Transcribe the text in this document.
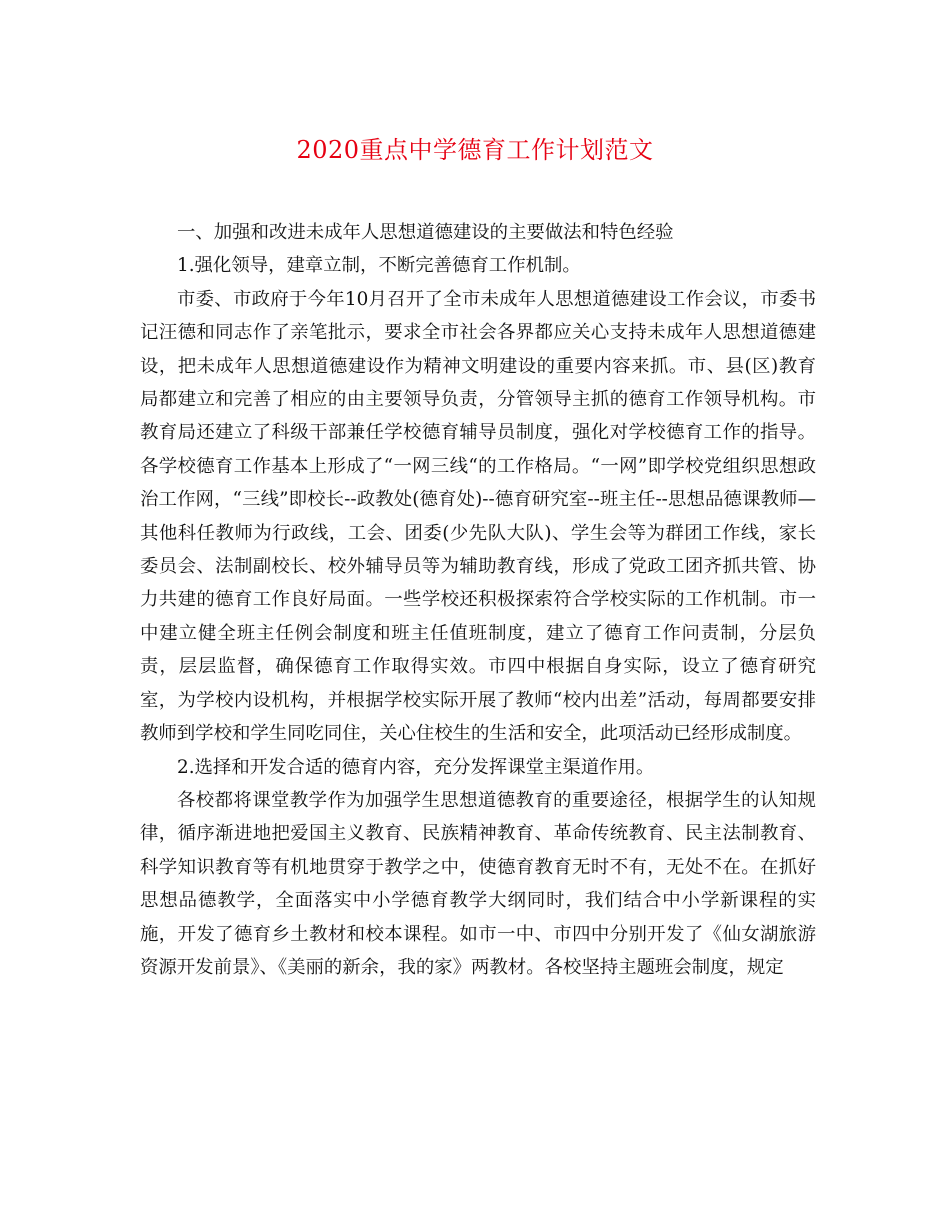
2020重点中学德育工作计划范文

一、加强和改进未成年人思想道德建设的主要做法和特色经验

1.强化领导，建章立制，不断完善德育工作机制。

市委、市政府于今年10月召开了全市未成年人思想道德建设工作会议，市委书记汪德和同志作了亲笔批示，要求全市社会各界都应关心支持未成年人思想道德建设，把未成年人思想道德建设作为精神文明建设的重要内容来抓。市、县(区)教育局都建立和完善了相应的由主要领导负责，分管领导主抓的德育工作领导机构。市教育局还建立了科级干部兼任学校德育辅导员制度，强化对学校德育工作的指导。各学校德育工作基本上形成了“一网三线“的工作格局。“一网”即学校党组织思想政治工作网，“三线”即校长--政教处(德育处)--德育研究室--班主任--思想品德课教师—其他科任教师为行政线，工会、团委(少先队大队)、学生会等为群团工作线，家长委员会、法制副校长、校外辅导员等为辅助教育线，形成了党政工团齐抓共管、协力共建的德育工作良好局面。一些学校还积极探索符合学校实际的工作机制。市一中建立健全班主任例会制度和班主任值班制度，建立了德育工作问责制，分层负责，层层监督，确保德育工作取得实效。市四中根据自身实际，设立了德育研究室，为学校内设机构，并根据学校实际开展了教师“校内出差”活动，每周都要安排教师到学校和学生同吃同住，关心住校生的生活和安全，此项活动已经形成制度。

2.选择和开发合适的德育内容，充分发挥课堂主渠道作用。

各校都将课堂教学作为加强学生思想道德教育的重要途径，根据学生的认知规律，循序渐进地把爱国主义教育、民族精神教育、革命传统教育、民主法制教育、科学知识教育等有机地贯穿于教学之中，使德育教育无时不有，无处不在。在抓好思想品德教学，全面落实中小学德育教学大纲同时，我们结合中小学新课程的实施，开发了德育乡土教材和校本课程。如市一中、市四中分别开发了《仙女湖旅游资源开发前景》、《美丽的新余，我的家》两教材。各校坚持主题班会制度，规定
